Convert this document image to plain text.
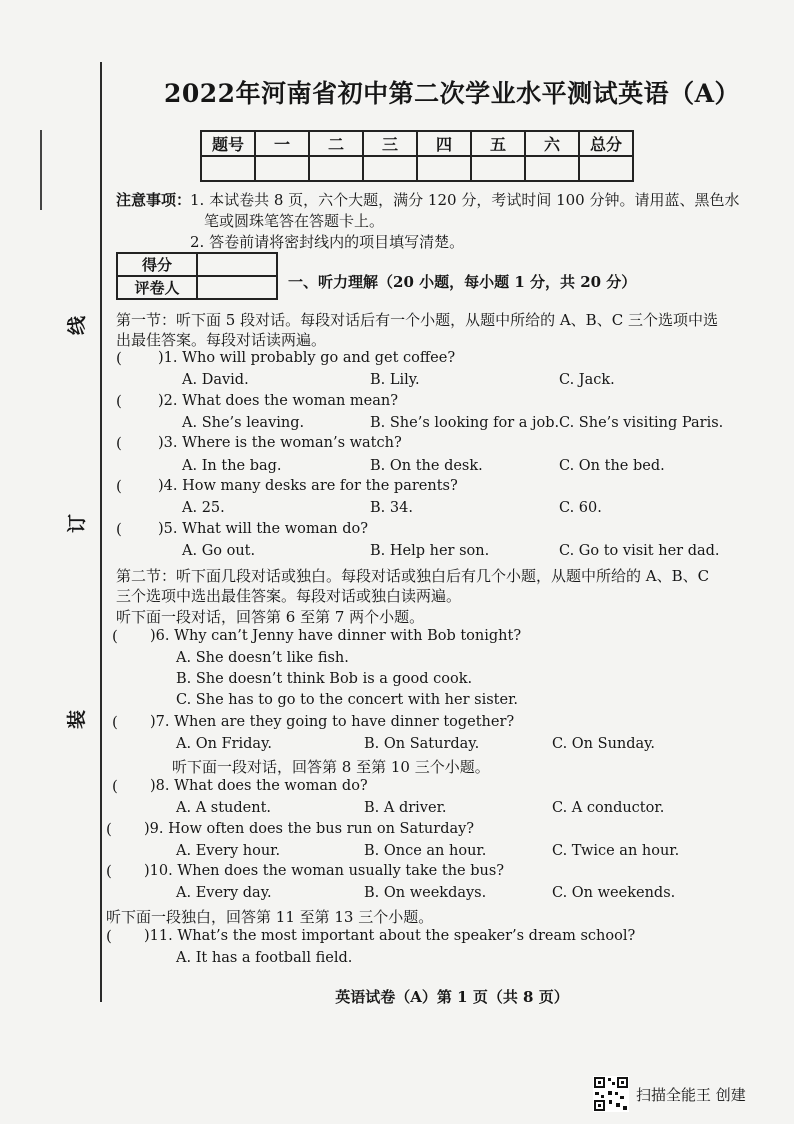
线
订
装
2022年河南省初中第二次学业水平测试英语（A）
题号	一	二	三	四	五	六	总分

注意事项：
1. 本试卷共 8 页，六个大题，满分 120 分，考试时间 100 分钟。请用蓝、黑色水
笔或圆珠笔答在答题卡上。
2. 答卷前请将密封线内的项目填写清楚。
得分	
评卷人		一、听力理解（20 小题，每小题 1 分，共 20 分）
第一节：听下面 5 段对话。每段对话后有一个小题，从题中所给的 A、B、C 三个选项中选
出最佳答案。每段对话读两遍。
( )1. Who will probably go and get coffee?
A. David.	B. Lily.	C. Jack.
( )2. What does the woman mean?
A. She’s leaving.	B. She’s looking for a job. C. She’s visiting Paris.
( )3. Where is the woman’s watch?
A. In the bag.	B. On the desk.	C. On the bed.
( )4. How many desks are for the parents?
A. 25.	B. 34.	C. 60.
( )5. What will the woman do?
A. Go out.	B. Help her son.	C. Go to visit her dad.
第二节：听下面几段对话或独白。每段对话或独白后有几个小题，从题中所给的 A、B、C
三个选项中选出最佳答案。每段对话或独白读两遍。
听下面一段对话，回答第 6 至第 7 两个小题。
( )6. Why can’t Jenny have dinner with Bob tonight?
A. She doesn’t like fish.
B. She doesn’t think Bob is a good cook.
C. She has to go to the concert with her sister.
( )7. When are they going to have dinner together?
A. On Friday.	B. On Saturday.	C. On Sunday.
听下面一段对话，回答第 8 至第 10 三个小题。
( )8. What does the woman do?
A. A student.	B. A driver.	C. A conductor.
( )9. How often does the bus run on Saturday?
A. Every hour.	B. Once an hour.	C. Twice an hour.
( )10. When does the woman usually take the bus?
A. Every day.	B. On weekdays.	C. On weekends.
听下面一段独白，回答第 11 至第 13 三个小题。
( )11. What’s the most important about the speaker’s dream school?
A. It has a football field.
英语试卷（A）第 1 页（共 8 页）
扫描全能王 创建
